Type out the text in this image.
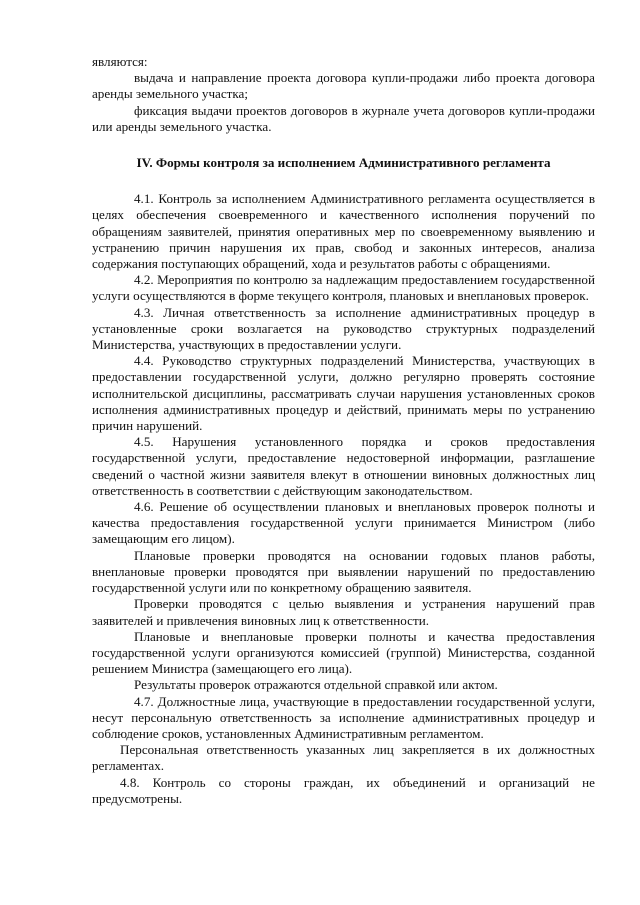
являются:

выдача и направление проекта договора купли-продажи либо проекта договора аренды земельного участка;

фиксация выдачи проектов договоров в журнале учета договоров купли-продажи или аренды земельного участка.

IV. Формы контроля за исполнением Административного регламента

4.1. Контроль за исполнением Административного регламента осуществляется в целях обеспечения своевременного и качественного исполнения поручений по обращениям заявителей, принятия оперативных мер по своевременному выявлению и устранению причин нарушения их прав, свобод и законных интересов, анализа содержания поступающих обращений, хода и результатов работы с обращениями.

4.2. Мероприятия по контролю за надлежащим предоставлением государственной услуги осуществляются в форме текущего контроля, плановых и внеплановых проверок.

4.3. Личная ответственность за исполнение административных процедур в установленные сроки возлагается на руководство структурных подразделений Министерства, участвующих в предоставлении услуги.

4.4. Руководство структурных подразделений Министерства, участвующих в предоставлении государственной услуги, должно регулярно проверять состояние исполнительской дисциплины, рассматривать случаи нарушения установленных сроков исполнения административных процедур и действий, принимать меры по устранению причин нарушений.

4.5. Нарушения установленного порядка и сроков предоставления государственной услуги, предоставление недостоверной информации, разглашение сведений о частной жизни заявителя влекут в отношении виновных должностных лиц ответственность в соответствии с действующим законодательством.

4.6. Решение об осуществлении плановых и внеплановых проверок полноты и качества предоставления государственной услуги принимается Министром (либо замещающим его лицом).

Плановые проверки проводятся на основании годовых планов работы, внеплановые проверки проводятся при выявлении нарушений по предоставлению государственной услуги или по конкретному обращению заявителя.

Проверки проводятся с целью выявления и устранения нарушений прав заявителей и привлечения виновных лиц к ответственности.

Плановые и внеплановые проверки полноты и качества предоставления государственной услуги организуются комиссией (группой) Министерства, созданной решением Министра (замещающего его лица).

Результаты проверок отражаются отдельной справкой или актом.

4.7. Должностные лица, участвующие в предоставлении государственной услуги, несут персональную ответственность за исполнение административных процедур и соблюдение сроков, установленных Административным регламентом.

Персональная ответственность указанных лиц закрепляется в их должностных регламентах.

4.8. Контроль со стороны граждан, их объединений и организаций не предусмотрены.
